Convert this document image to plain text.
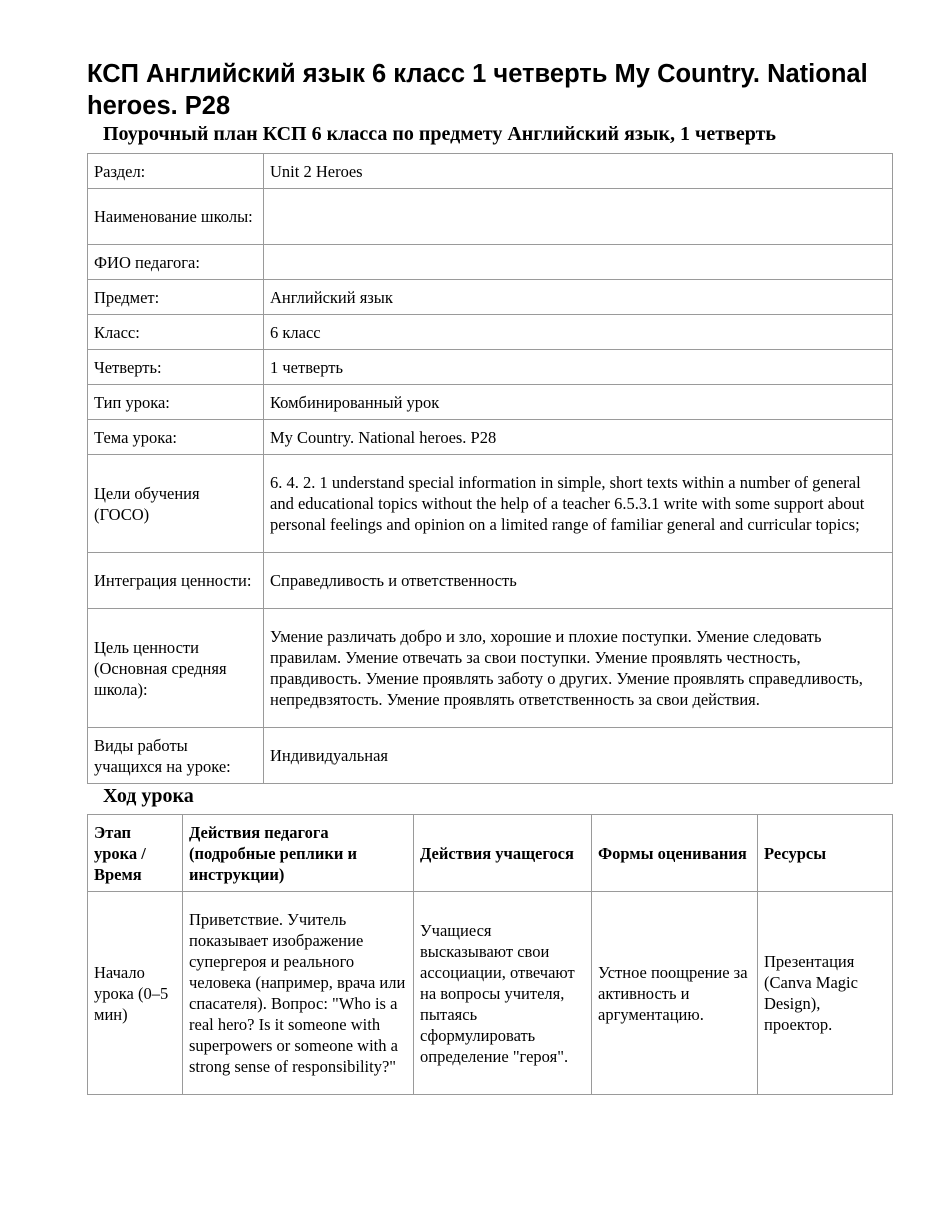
КСП Английский язык 6 класс 1 четверть My Country. National heroes. P28
Поурочный план КСП 6 класса по предмету Английский язык, 1 четверть
Раздел:	Unit 2 Heroes
Наименование школы:	
ФИО педагога:	
Предмет:	Английский язык
Класс:	6 класс
Четверть:	1 четверть
Тип урока:	Комбинированный урок
Тема урока:	My Country. National heroes. P28
Цели обучения (ГОСО)	6. 4. 2. 1 understand special information in simple, short texts within a number of general and educational topics without the help of a teacher 6.5.3.1 write with some support about personal feelings and opinion on a limited range of familiar general and curricular topics;
Интеграция ценности:	Справедливость и ответственность
Цель ценности (Основная средняя школа):	Умение различать добро и зло, хорошие и плохие поступки. Умение следовать правилам. Умение отвечать за свои поступки. Умение проявлять честность, правдивость. Умение проявлять заботу о других. Умение проявлять справедливость, непредвзятость. Умение проявлять ответственность за свои действия.
Виды работы учащихся на уроке:	Индивидуальная
Ход урока
Этап урока / Время	Действия педагога (подробные реплики и инструкции)	Действия учащегося	Формы оценивания	Ресурсы
Начало урока (0–5 мин)	Приветствие. Учитель показывает изображение супергероя и реального человека (например, врача или спасателя). Вопрос: "Who is a real hero? Is it someone with superpowers or someone with a strong sense of responsibility?"	Учащиеся высказывают свои ассоциации, отвечают на вопросы учителя, пытаясь сформулировать определение "героя".	Устное поощрение за активность и аргументацию.	Презентация (Canva Magic Design), проектор.
